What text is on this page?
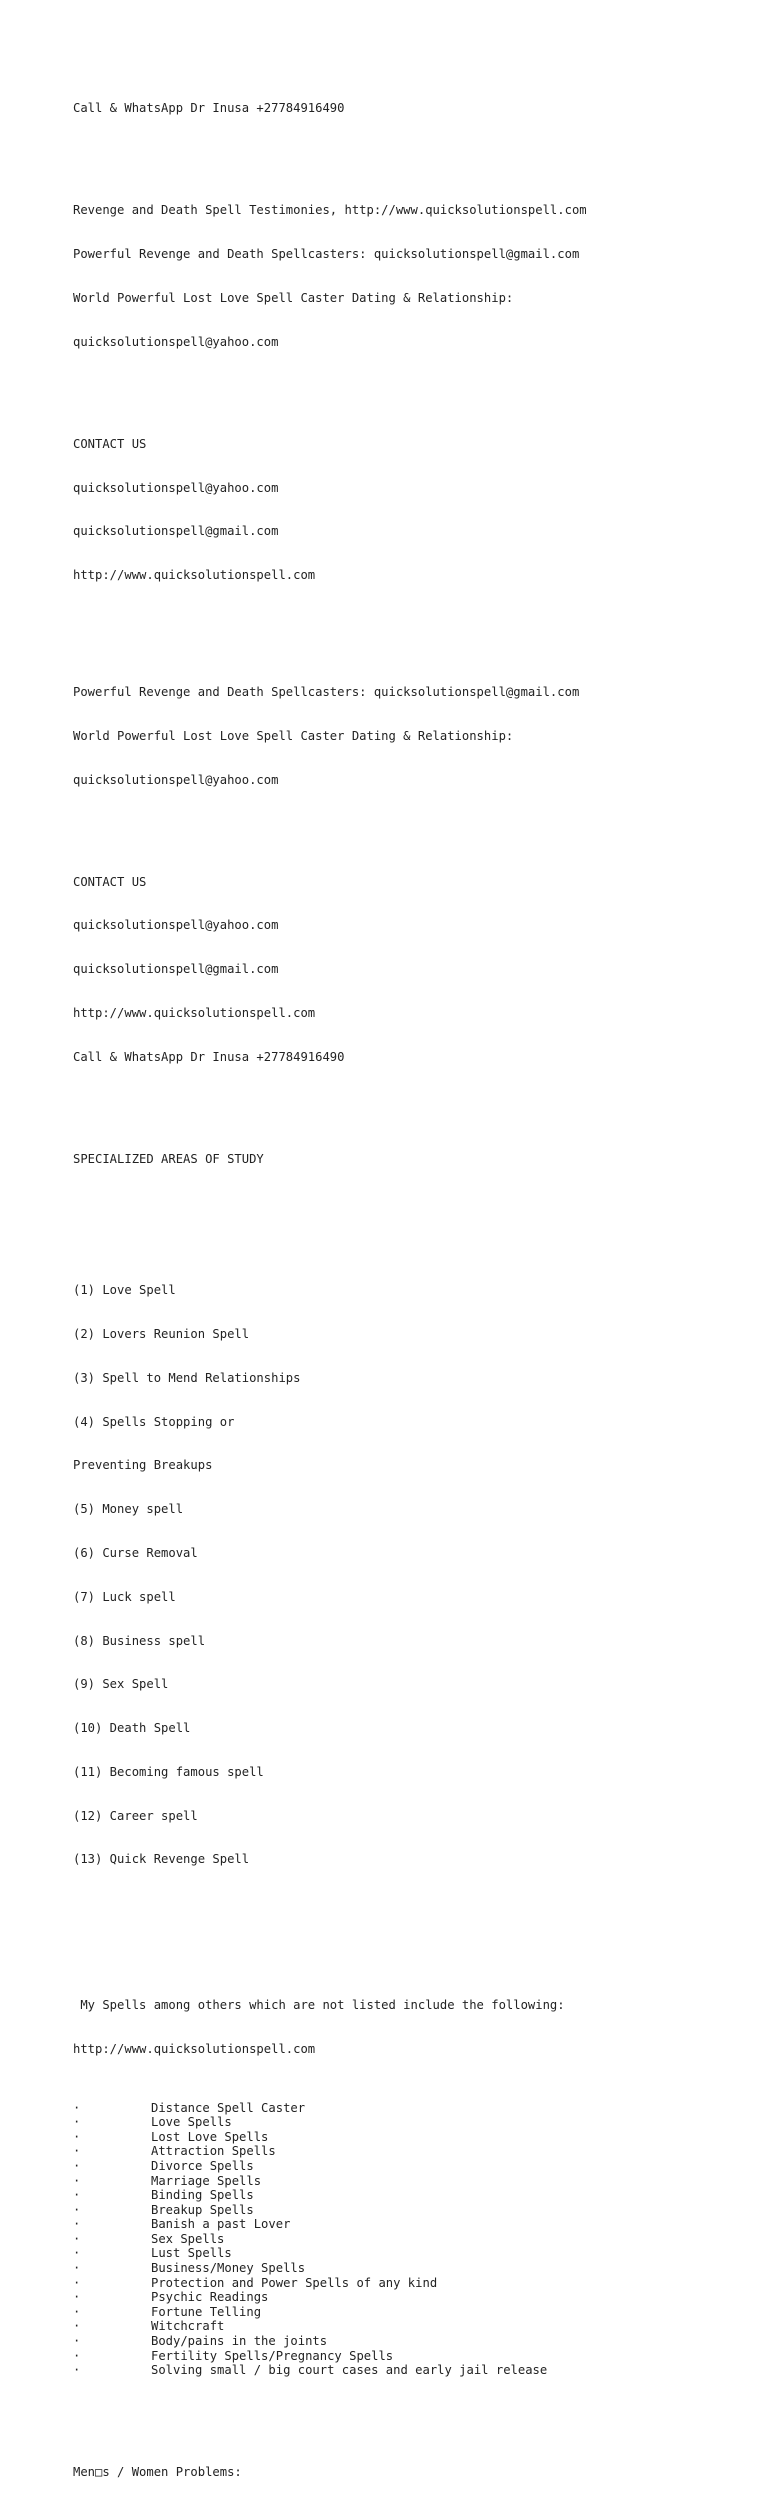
Call & WhatsApp Dr Inusa +27784916490

Revenge and Death Spell Testimonies, http://www.quicksolutionspell.com

Powerful Revenge and Death Spellcasters: quicksolutionspell@gmail.com

World Powerful Lost Love Spell Caster Dating & Relationship:

quicksolutionspell@yahoo.com

CONTACT US

quicksolutionspell@yahoo.com

quicksolutionspell@gmail.com

http://www.quicksolutionspell.com

Powerful Revenge and Death Spellcasters: quicksolutionspell@gmail.com

World Powerful Lost Love Spell Caster Dating & Relationship:

quicksolutionspell@yahoo.com

CONTACT US

quicksolutionspell@yahoo.com

quicksolutionspell@gmail.com

http://www.quicksolutionspell.com

Call & WhatsApp Dr Inusa +27784916490

SPECIALIZED AREAS OF STUDY

(1) Love Spell

(2) Lovers Reunion Spell

(3) Spell to Mend Relationships

(4) Spells Stopping or

Preventing Breakups

(5) Money spell

(6) Curse Removal

(7) Luck spell

(8) Business spell

(9) Sex Spell

(10) Death Spell

(11) Becoming famous spell

(12) Career spell

(13) Quick Revenge Spell

My Spells among others which are not listed include the following:

http://www.quicksolutionspell.com

·	Distance Spell Caster
·	Love Spells
·	Lost Love Spells
·	Attraction Spells
·	Divorce Spells
·	Marriage Spells
·	Binding Spells
·	Breakup Spells
·	Banish a past Lover
·	Sex Spells
·	Lust Spells
·	Business/Money Spells
·	Protection and Power Spells of any kind
·	Psychic Readings
·	Fortune Telling
·	Witchcraft
·	Body/pains in the joints
·	Fertility Spells/Pregnancy Spells
·	Solving small / big court cases and early jail release

Men□s / Women Problems:
